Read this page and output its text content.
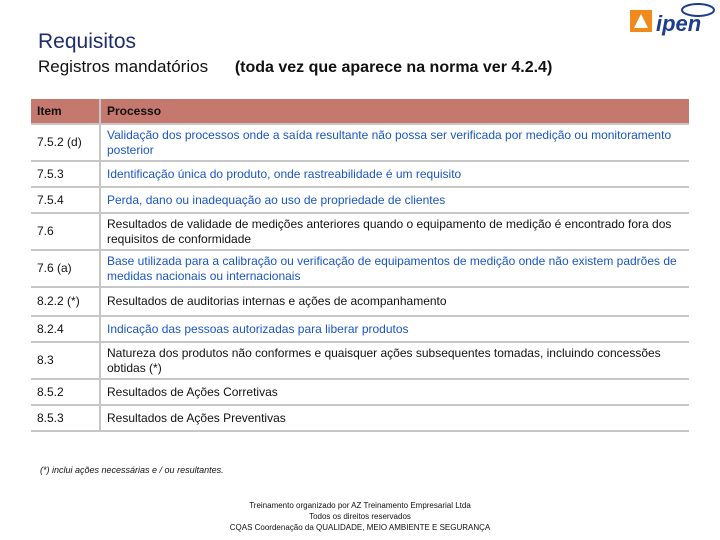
Requisitos
Registros mandatórios (toda vez que aparece na norma ver 4.2.4)
ipen
Item	Processo
7.5.2 (d)	Validação dos processos onde a saída resultante não possa ser verificada por medição ou monitoramento posterior
7.5.3	Identificação única do produto, onde rastreabilidade é um requisito
7.5.4	Perda, dano ou inadequação ao uso de propriedade de clientes
7.6	Resultados de validade de medições anteriores quando o equipamento de medição é encontrado fora dos requisitos de conformidade
7.6 (a)	Base utilizada para a calibração ou verificação de equipamentos de medição onde não existem padrões de medidas nacionais ou internacionais
8.2.2 (*)	Resultados de auditorias internas e ações de acompanhamento
8.2.4	Indicação das pessoas autorizadas para liberar produtos
8.3	Natureza dos produtos não conformes e quaisquer ações subsequentes tomadas, incluindo concessões obtidas (*)
8.5.2	Resultados de Ações Corretivas
8.5.3	Resultados de Ações Preventivas
(*) inclui ações necessárias e / ou resultantes.
Treinamento organizado por AZ Treinamento Empresarial Ltda
Todos os direitos reservados
CQAS Coordenação da QUALIDADE, MEIO AMBIENTE E SEGURANÇA
